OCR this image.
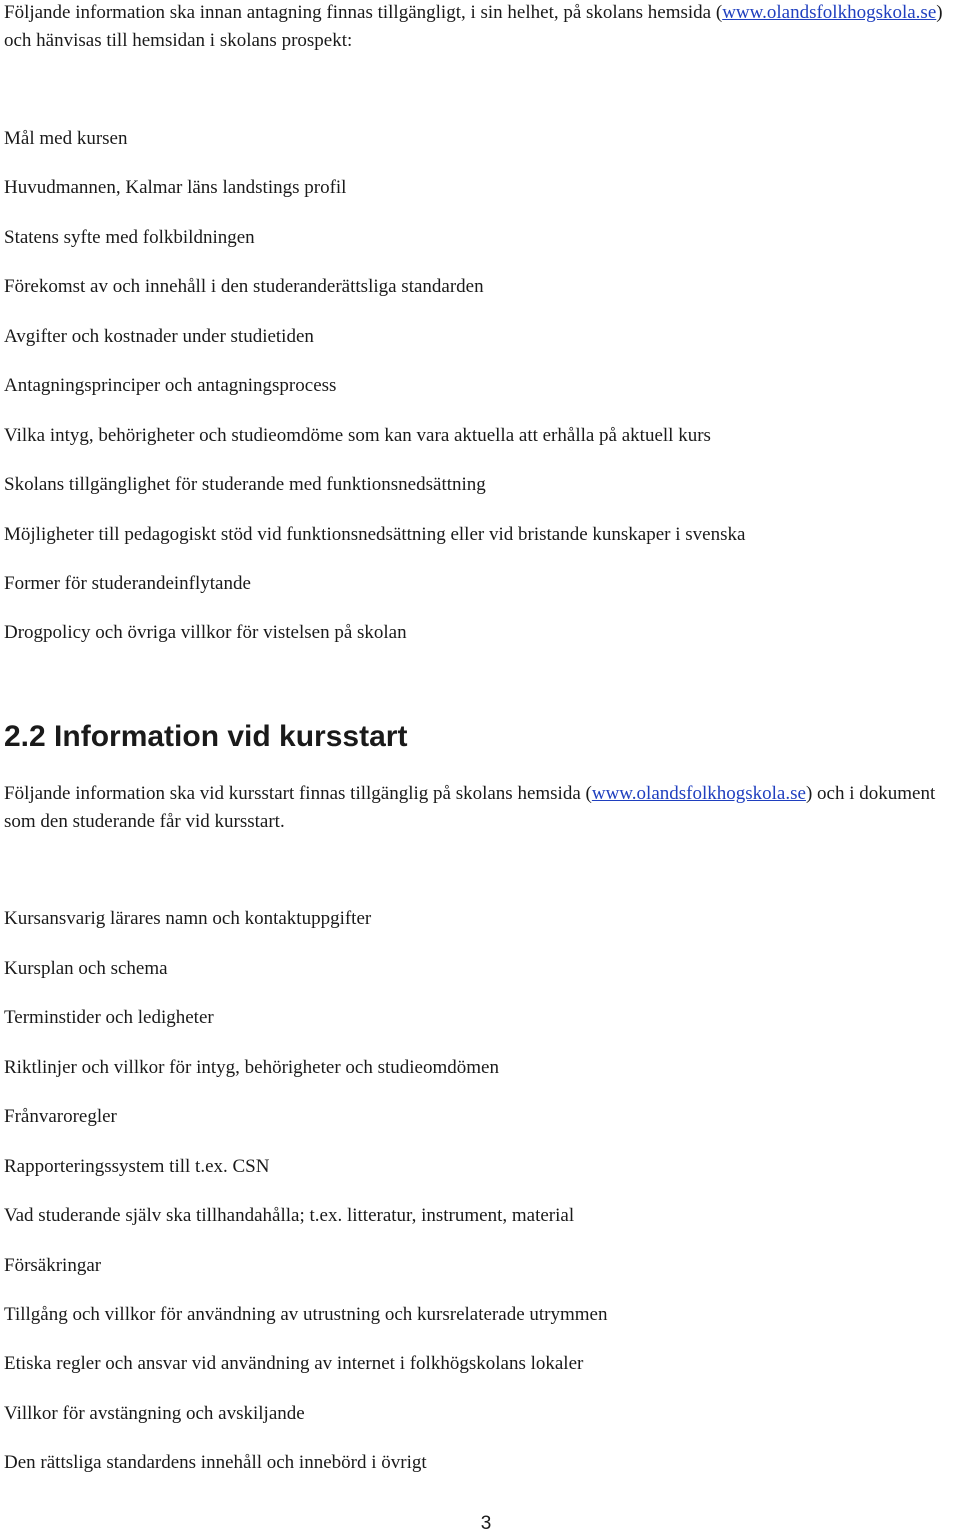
Följande information ska innan antagning finnas tillgängligt, i sin helhet, på skolans hemsida (www.olandsfolkhogskola.se) och hänvisas till hemsidan i skolans prospekt:

Mål med kursen

Huvudmannen, Kalmar läns landstings profil

Statens syfte med folkbildningen

Förekomst av och innehåll i den studeranderättsliga standarden

Avgifter och kostnader under studietiden

Antagningsprinciper och antagningsprocess

Vilka intyg, behörigheter och studieomdöme som kan vara aktuella att erhålla på aktuell kurs

Skolans tillgänglighet för studerande med funktionsnedsättning

Möjligheter till pedagogiskt stöd vid funktionsnedsättning eller vid bristande kunskaper i svenska

Former för studerandeinflytande

Drogpolicy och övriga villkor för vistelsen på skolan

2.2 Information vid kursstart

Följande information ska vid kursstart finnas tillgänglig på skolans hemsida (www.olandsfolkhogskola.se) och i dokument som den studerande får vid kursstart.

Kursansvarig lärares namn och kontaktuppgifter

Kursplan och schema

Terminstider och ledigheter

Riktlinjer och villkor för intyg, behörigheter och studieomdömen

Frånvaroregler

Rapporteringssystem till t.ex. CSN

Vad studerande själv ska tillhandahålla; t.ex. litteratur, instrument, material

Försäkringar

Tillgång och villkor för användning av utrustning och kursrelaterade utrymmen

Etiska regler och ansvar vid användning av internet i folkhögskolans lokaler

Villkor för avstängning och avskiljande

Den rättsliga standardens innehåll och innebörd i övrigt

3
